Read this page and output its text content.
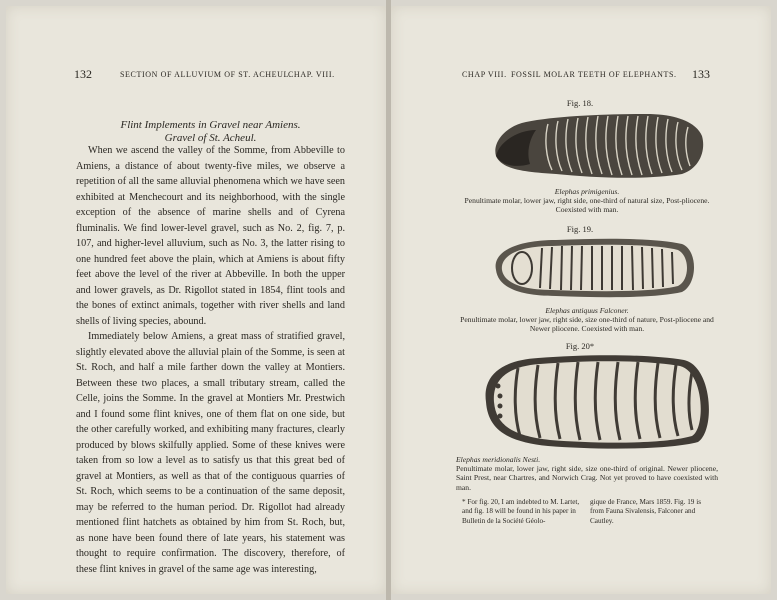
132	SECTION OF ALLUVIUM OF ST. ACHEUL.
CHAP. VIII.
Flint Implements in Gravel near Amiens.
Gravel of St. Acheul.

When we ascend the valley of the Somme, from Abbeville to Amiens, a distance of about twenty-five miles, we observe a repetition of all the same alluvial phenomena which we have seen exhibited at Menchecourt and its neighborhood, with the single exception of the absence of marine shells and of Cyrena fluminalis. We find lower-level gravel, such as No. 2, fig. 7, p. 107, and higher-level alluvium, such as No. 3, the latter rising to one hundred feet above the plain, which at Amiens is about fifty feet above the level of the river at Abbeville. In both the upper and lower gravels, as Dr. Rigollot stated in 1854, flint tools and the bones of extinct animals, together with river shells and land shells of living species, abound.

Immediately below Amiens, a great mass of stratified gravel, slightly elevated above the alluvial plain of the Somme, is seen at St. Roch, and half a mile farther down the valley at Montiers. Between these two places, a small tributary stream, called the Celle, joins the Somme. In the gravel at Montiers Mr. Prestwich and I found some flint knives, one of them flat on one side, but the other carefully worked, and exhibiting many fractures, clearly produced by blows skilfully applied. Some of these knives were taken from so low a level as to satisfy us that this great bed of gravel at Montiers, as well as that of the contiguous quarries of St. Roch, which seems to be a continuation of the same deposit, may be referred to the human period. Dr. Rigollot had already mentioned flint hatchets as obtained by him from St. Roch, but, as none have been found there of late years, his statement was thought to require confirmation. The discovery, therefore, of these flint knives in gravel of the same age was interesting,

CHAP VIII. FOSSIL MOLAR TEETH OF ELEPHANTS. 133
Fig. 18.
Elephas primigenius.
Penultimate molar, lower jaw, right side, one-third of natural size, Post-pliocene. Coexisted with man.
Fig. 19.
Elephas antiquus Falconer.
Penultimate molar, lower jaw, right side, size one-third of nature, Post-pliocene and Newer pliocene. Coexisted with man.
Fig. 20*
Elephas meridionalis Nesti.
Penultimate molar, lower jaw, right side, size one-third of original. Newer pliocene, Saint Prest, near Chartres, and Norwich Crag. Not yet proved to have coexisted with man.
* For fig. 20, I am indebted to M. Lartet, and fig. 18 will be found in his paper in Bulletin de la Société Géolo-
gique de France, Mars 1859. Fig. 19 is from Fauna Sivalensis, Falconer and Cautley.
